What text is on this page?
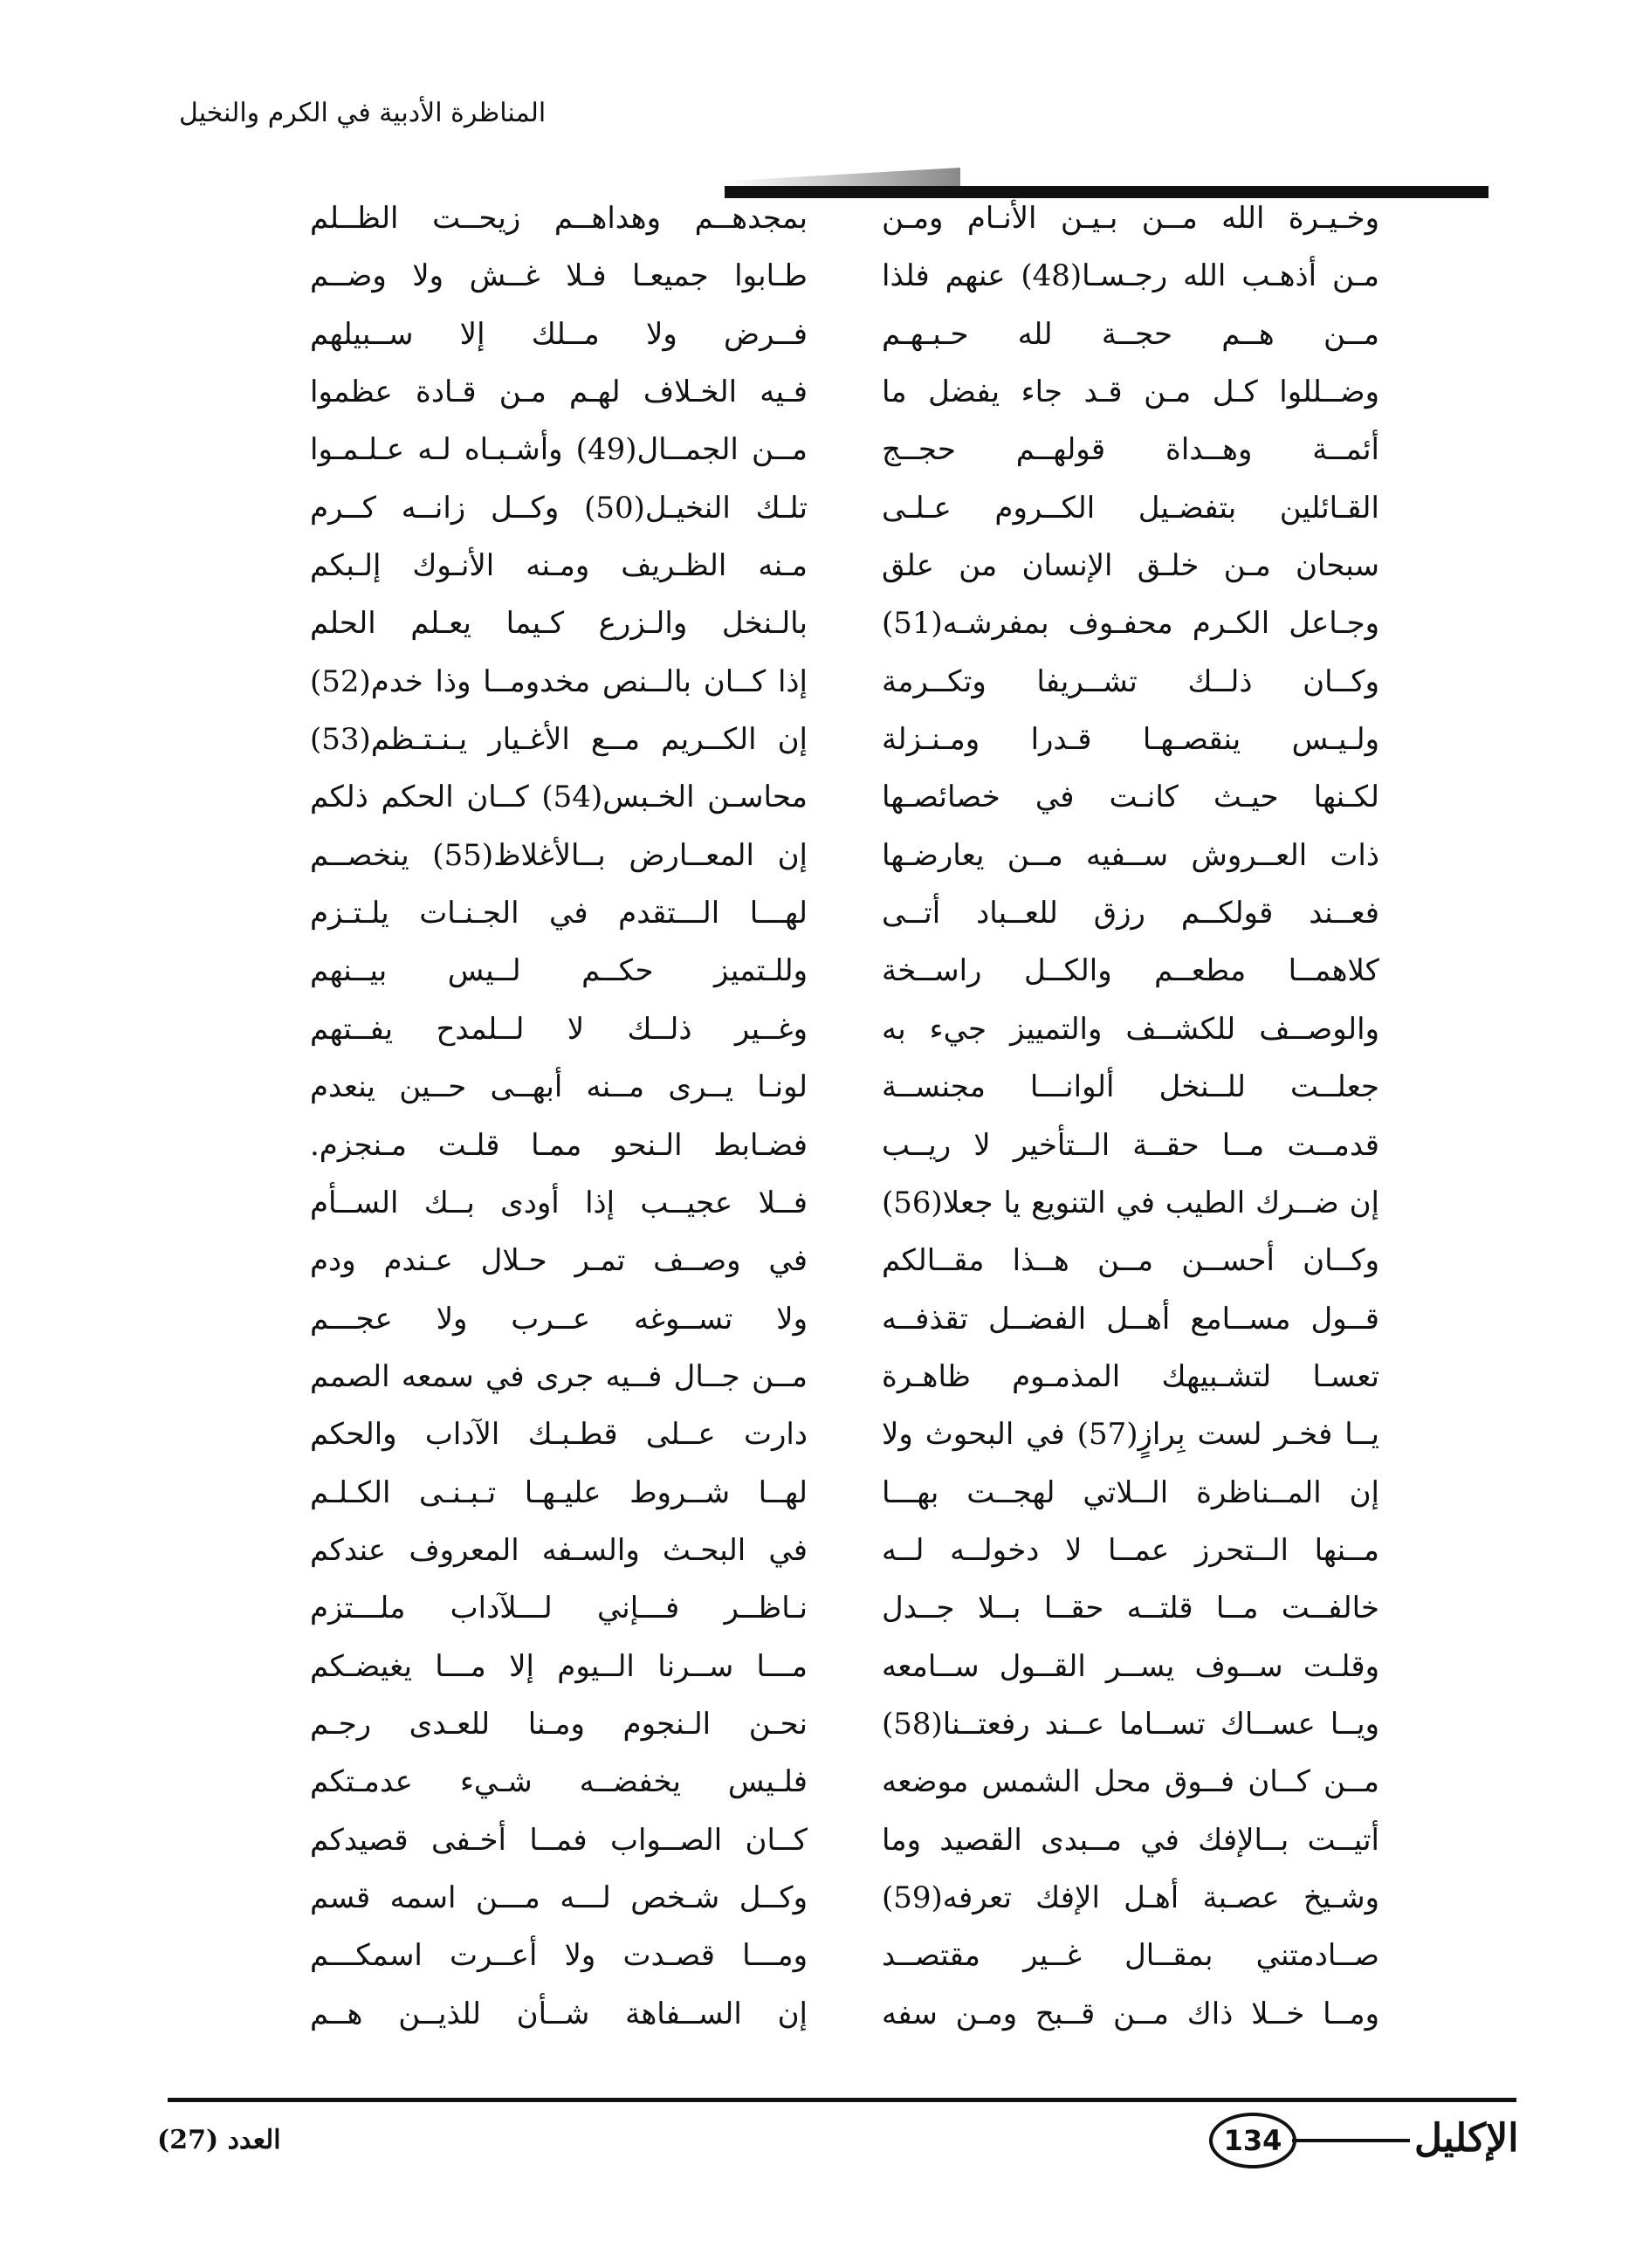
المناظرة الأدبية في الكرم والنخيل
وخـيـرة الله مــن بـيـن الأنـام ومـن
مـن أذهـب الله رجـسـا(48) عنهم فلذا
مــن هــم حجــة لله حـبـهـم
وضــللوا كـل مـن قـد جاء يفضل ما
أئمــة وهــداة قولهــم حجــج
القـائلين بتفضـيل الكــروم عـلـى
سبحان مـن خلـق الإنسان من علق
وجـاعل الكـرم محفـوف بمفرشـه(51)
وكــان ذلــك تشــريفا وتكــرمة
ولـيـس ينقصـهـا قـدرا ومـنـزلة
لكـنها حيـث كانـت في خصائصـها
ذات العــروش ســفيه مــن يعارضـها
فعــند قولكــم رزق للعــباد أتــى
كلاهمــا مطعــم والكــل راســخة
والوصــف للكشــف والتمييز جيء به
جعلــت للــنخل ألوانـــا مجنســة
قدمــت مــا حقــة الــتأخير لا ريــب
إن ضــرك الطيب في التنويع يا جعلا(56)
وكــان أحســن مــن هــذا مقــالكم
قــول مســامع أهــل الفضــل تقذفــه
تعسـا لتشـبيهك المذمـوم ظاهـرة
يــا فخـر لست بِرازٍ(57) في البحوث ولا
إن المــناظرة الــلاتي لهجــت بهـــا
مــنها الــتحرز عمــا لا دخولــه لــه
خالفــت مــا قلتــه حقــا بــلا جــدل
وقلـت ســوف يســر القــول ســامعه
ويــا عســاك تســاما عــند رفعتــنا(58)
مــن كــان فــوق محل الشمس موضعه
أتيــت بــالإفك في مــبدى القصيد وما
وشـيخ عصـبة أهـل الإفك تعرفه(59)
صــادمتني بمقــال غــير مقتصــد
ومــا خــلا ذاك مــن قــبح ومـن سفه
بمجدهــم وهداهــم زيحــت الظــلم
طـابوا جميعـا فـلا غــش ولا وضــم
فــرض ولا مــلك إلا ســبيلهم
فـيه الخـلاف لهـم مـن قـادة عظموا
مــن الجمــال(49) وأشـبـاه لـه عـلـمـوا
تلـك النخيـل(50) وكــل زانــه كــرم
مـنه الظـريف ومـنه الأنـوك إلـبكم
بالـنخل والـزرع كـيما يعـلم الحلم
إذا كــان بالــنص مخدومــا وذا خدم(52)
إن الكــريم مــع الأغـيار يـنـتـظم(53)
محاسـن الخـبس(54) كــان الحكم ذلكم
إن المعــارض بــالأغلاظ(55) ينخصــم
لهـــا الـــتقدم في الجـنـات يلـتـزم
وللـتميز حكــم لــيس بيــنهم
وغــير ذلــك لا لــلمدح يفــتهم
لونـا يــرى مــنه أبهــى حــين ينعدم
فضـابط الـنحو ممـا قلـت مـنجزم.
فــلا عجيــب إذا أودى بــك الســأم
في وصــف تمـر حـلال عـندم ودم
ولا تســوغه عــرب ولا عجـــم
مــن جــال فــيه جرى في سمعه الصمم
دارت عــلى قطـبـك الآداب والحكم
لهــا شــروط عليـهـا تـبـنـى الكـلـم
في البحـث والسـفه المعروف عندكم
نـاظــر فـــإني لـــلآداب ملـــتزم
مـــا ســرنا الــيوم إلا مـــا يغيضـكم
نحـن الـنجوم ومـنا للعـدى رجـم
فلـيس يخفضــه شـيء عدمـتكم
كــان الصــواب فمــا أخـفى قصيدكم
وكــل شـخص لـــه مـــن اسمه قسم
ومـــا قصـدت ولا أعــرت اسمكـــم
إن الســفاهة شــأن للذيــن هــم
العدد (27)	134	الإكليل
